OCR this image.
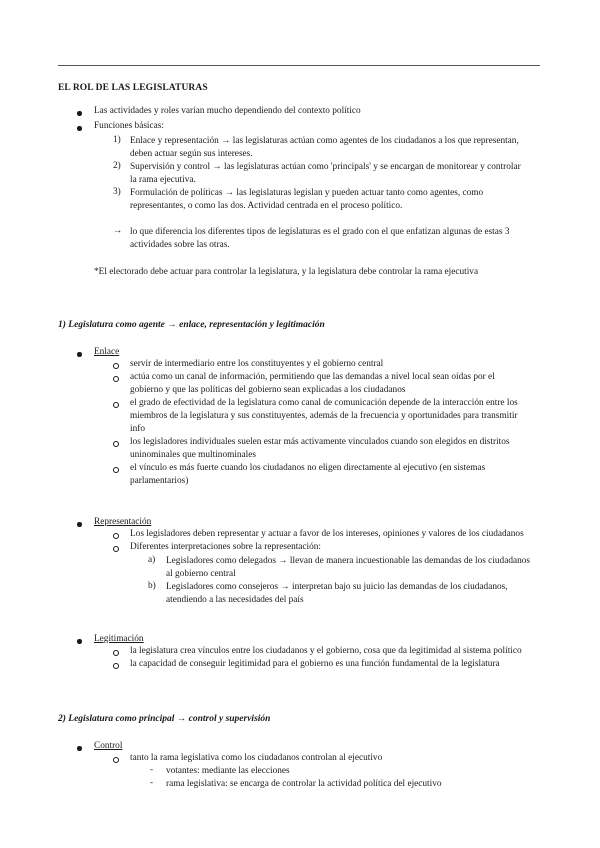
EL ROL DE LAS LEGISLATURAS
Las actividades y roles varían mucho dependiendo del contexto político
Funciones básicas:
1) Enlace y representación → las legislaturas actúan como agentes de los ciudadanos a los que representan,
deben actuar según sus intereses.
2) Supervisión y control → las legislaturas actúan como 'principals' y se encargan de monitorear y controlar
la rama ejecutiva.
3) Formulación de políticas → las legislaturas legislan y pueden actuar tanto como agentes, como
representantes, o como las dos. Actividad centrada en el proceso político.
→ lo que diferencia los diferentes tipos de legislaturas es el grado con el que enfatizan algunas de estas 3
actividades sobre las otras.
*El electorado debe actuar para controlar la legislatura, y la legislatura debe controlar la rama ejecutiva
1) Legislatura como agente → enlace, representación y legitimación
Enlace
servir de intermediario entre los constituyentes y el gobierno central
actúa como un canal de información, permitiendo que las demandas a nivel local sean oídas por el
gobierno y que las políticas del gobierno sean explicadas a los ciudadanos
el grado de efectividad de la legislatura como canal de comunicación depende de la interacción entre los
miembros de la legislatura y sus constituyentes, además de la frecuencia y oportunidades para transmitir
info
los legisladores individuales suelen estar más activamente vinculados cuando son elegidos en distritos
uninominales que multinominales
el vínculo es más fuerte cuando los ciudadanos no eligen directamente al ejecutivo (en sistemas
parlamentarios)
Representación
Los legisladores deben representar y actuar a favor de los intereses, opiniones y valores de los ciudadanos
Diferentes interpretaciones sobre la representación:
a) Legisladores como delegados → llevan de manera incuestionable las demandas de los ciudadanos
al gobierno central
b) Legisladores como consejeros → interpretan bajo su juicio las demandas de los ciudadanos,
atendiendo a las necesidades del país
Legitimación
la legislatura crea vínculos entre los ciudadanos y el gobierno, cosa que da legitimidad al sistema político
la capacidad de conseguir legitimidad para el gobierno es una función fundamental de la legislatura
2) Legislatura como principal → control y supervisión
Control
tanto la rama legislativa como los ciudadanos controlan al ejecutivo
- votantes: mediante las elecciones
- rama legislativa: se encarga de controlar la actividad política del ejecutivo
